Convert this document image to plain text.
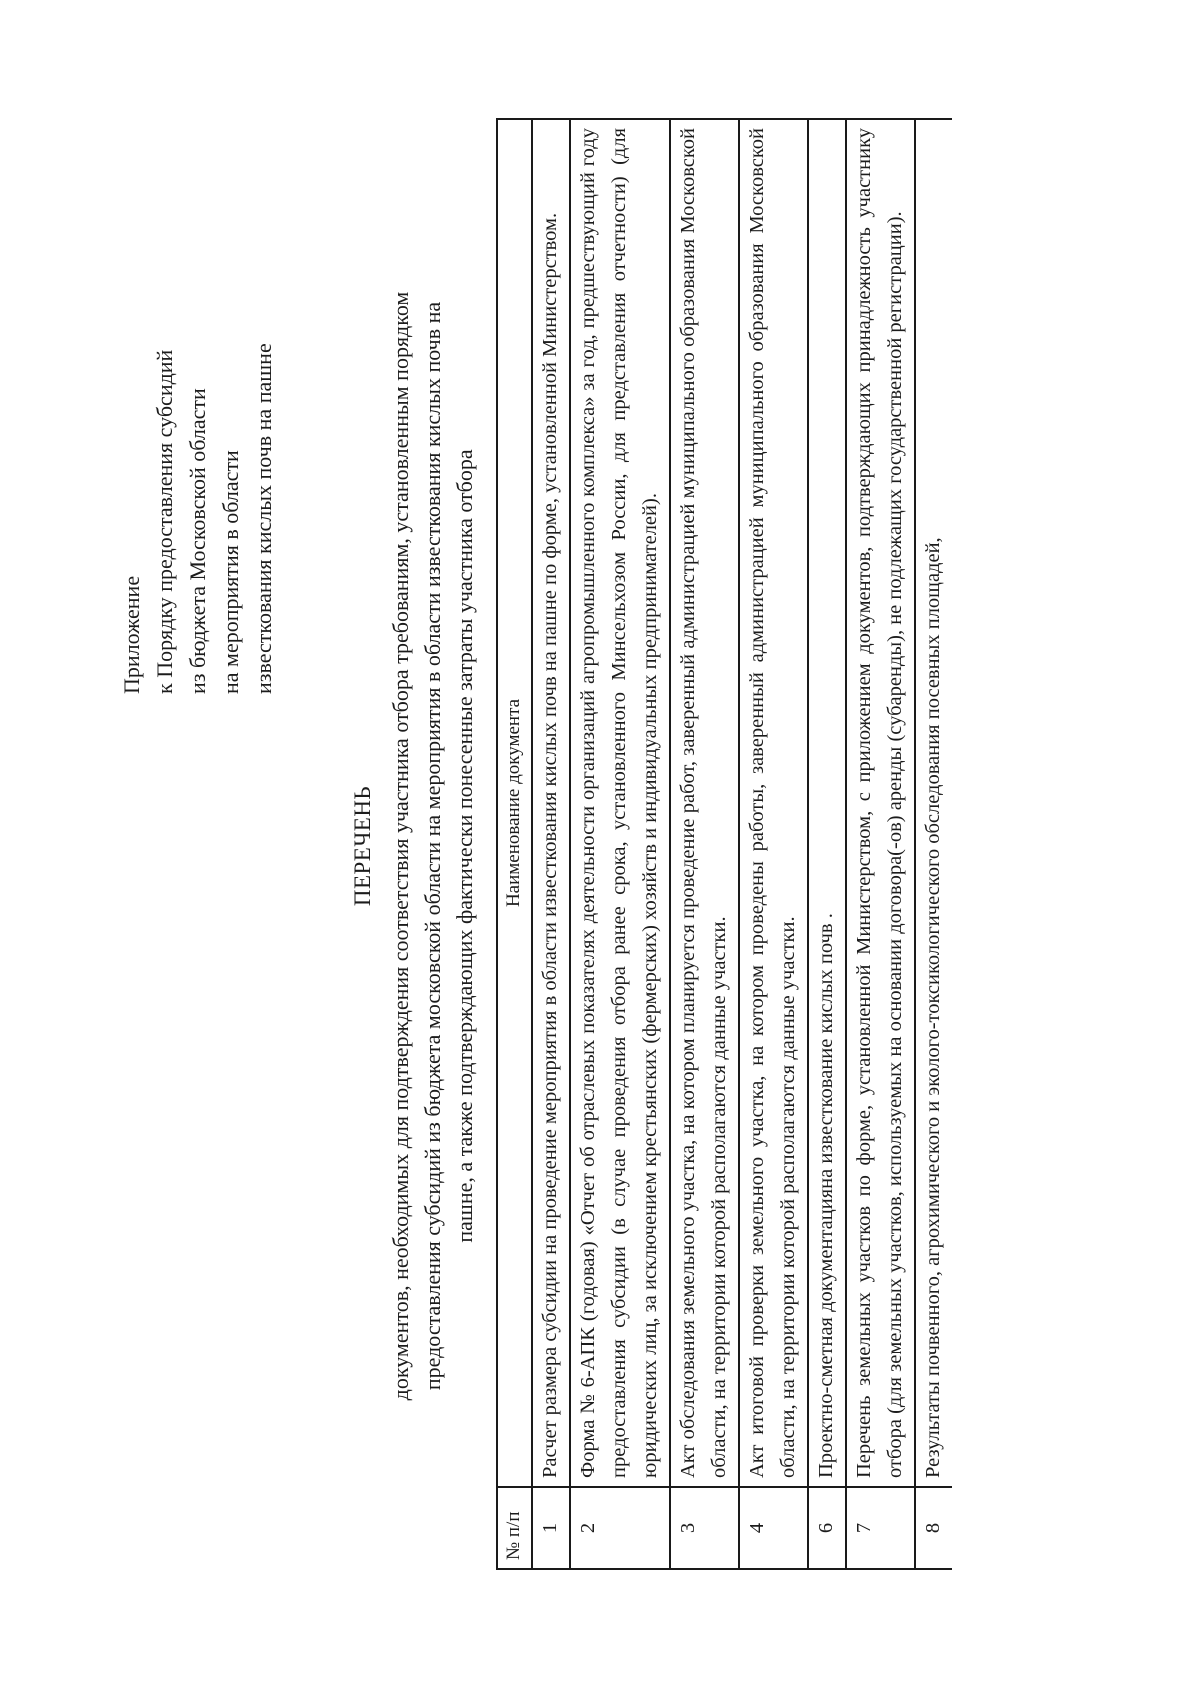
Приложение к Порядку предоставления субсидий из бюджета Московской области на мероприятия в области известкования кислых почв на пашне
ПЕРЕЧЕНЬ документов, необходимых для подтверждения соответствия участника отбора требованиям, установленным порядком предоставления субсидий из бюджета московской области на мероприятия в области известкования кислых почв на пашне, а также подтверждающих фактически понесенные затраты участника отбора
№ п/п	Наименование документа
1	Расчет размера субсидии на проведение мероприятия в области известкования кислых почв на пашне по форме, установленной Министерством.
2	Форма № 6-АПК (годовая) «Отчет об отраслевых показателях деятельности организаций агропромышленного комплекса» за год, предшествующий году предоставления субсидии (в случае проведения отбора ранее срока, установленного Минсельхозом России, для представления отчетности) (для юридических лиц, за исключением крестьянских (фермерских) хозяйств и индивидуальных предпринимателей).
3	Акт обследования земельного участка, на котором планируется проведение работ, заверенный администрацией муниципального образования Московской области, на территории которой располагаются данные участки.
4	Акт итоговой проверки земельного участка, на котором проведены работы, заверенный администрацией муниципального образования Московской области, на территории которой располагаются данные участки.
6	Проектно-сметная документацияна известкование кислых почв .
7	Перечень земельных участков по форме, установленной Министерством, с приложением документов, подтверждающих принадлежность участнику отбора (для земельных участков, используемых на основании договора(-ов) аренды (субаренды), не подлежащих государственной регистрации).
8	Результаты почвенного, агрохимического и эколого-токсикологического обследования посевных площадей,
